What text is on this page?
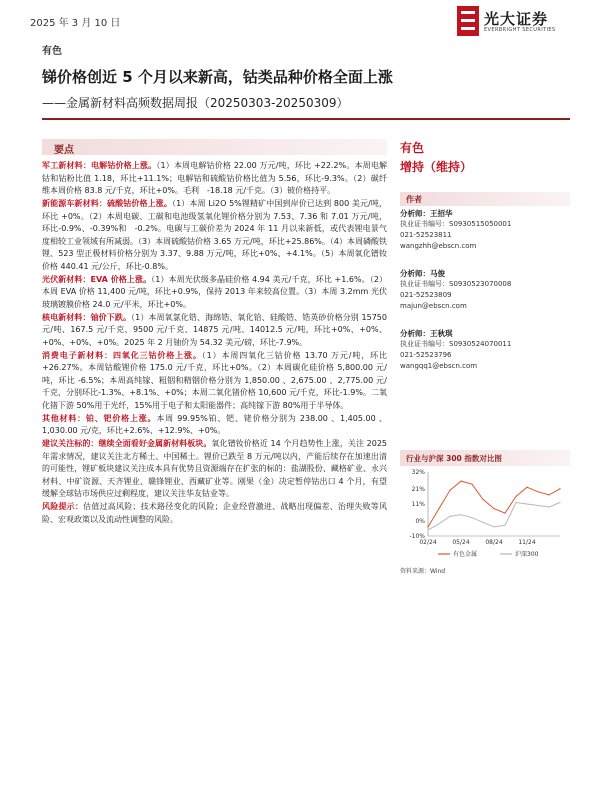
2025 年 3 月 10 日	光大证券
EVERBRIGHT SECURITIES
有色
锑价格创近 5 个月以来新高，钴类品种价格全面上涨
——金属新材料高频数据周报（20250303-20250309）
要点

军工新材料：电解钴价格上涨。（1）本周电解钴价格 22.00 万元/吨，环比 +22.2%。本周电解钴和钴粉比值 1.18，环比+11.1%；电解钴和硫酸钴价格比值为 5.56，环比-9.3%。（2）碳纤维本周价格 83.8 元/千克，环比+0%。毛利　-18.18 元/千克。（3）铍价格持平。

新能源车新材料：硫酸钴价格上涨。（1）本周 Li2O 5%锂精矿中国到岸价已达到 800 美元/吨，环比 +0%。（2）本周电碳、工碳和电池级氢氧化锂价格分别为 7.53、7.36 和 7.01 万元/吨，环比-0.9%、-0.39%和　-0.2%。电碳与工碳价差为 2024 年 11 月以来新低，或代表锂电景气度相较工业领域有所减弱。（3）本周硫酸钴价格 3.65 万元/吨，环比+25.86%。（4）本周磷酸铁锂、523 型正极材料价格分别为 3.37、9.88 万元/吨，环比+0%、+4.1%。（5）本周氧化镨钕价格 440.41 元/公斤，环比-0.8%。

光伏新材料：EVA 价格上涨。（1）本周光伏级多晶硅价格 4.94 美元/千克，环比 +1.6%。（2）本周 EVA 价格 11,400 元/吨，环比+0.9%，保持 2013 年来较高位置。（3）本周 3.2mm 光伏玻璃镀膜价格 24.0 元/平米，环比+0%。

核电新材料：铀价下跌。（1）本周氧氯化锆、海绵锆、氧化铪、硅酸锆、锆英砂价格分别 15750 元/吨、167.5 元/千克、9500 元/千克、14875 元/吨、14012.5 元/吨，环比+0%、+0%、+0%、+0%、+0%。2025 年 2 月铀价为 54.32 美元/磅，环比-7.9%。

消费电子新材料：四氧化三钴价格上涨。（1）本周四氧化三钴价格 13.70 万元/吨，环比+26.27%。本周钴酸锂价格 175.0 元/千克，环比+0%。（2）本周碳化硅价格 5,800.00 元/吨，环比 -6.5%；本周高纯镓、粗铟和精铟价格分别为 1,850.00 、2,675.00 、2,775.00 元/千克，分别环比-1.3%、+8.1%、+0%；本周二氧化锗价格 10,600 元/千克，环比-1.9%。二氧化锗下游 50%用于光纤，15%用于电子和太阳能器件；高纯镓下游 80%用于半导体。

其他材料：铂、钯价格上涨。本周 99.95%铂、钯、铑价格分别为 238.00 、1,405.00 、1,030.00 元/克，环比+2.6%、+12.9%、+0%。

建议关注标的：继续全面看好金属新材料板块。氧化镨钕价格近 14 个月趋势性上涨，关注 2025 年需求情况，建议关注北方稀土、中国稀土。锂价已跌至 8 万元/吨以内，产能后续存在加速出清的可能性，锂矿板块建议关注成本具有优势且资源端存在扩张的标的：盐湖股份、藏格矿业、永兴材料、中矿资源、天齐锂业、赣锋锂业、西藏矿业等。刚果（金）决定暂停钴出口 4 个月，有望缓解全球钴市场供应过剩程度，建议关注华友钴业等。

风险提示：估值过高风险；技术路径变化的风险；企业经营激进、战略出现偏差、治理失败等风险、宏观政策以及流动性调整的风险。

有色
增持（维持）
作者
分析师：王招华
执业证书编号：S0930515050001
021-52523811
wangzhh@ebscn.com
分析师：马俊
执业证书编号：S0930523070008
021-52523809
majun@ebscn.com
分析师：王秋琪
执业证书编号：S0930524070011
021-52523796
wangqq1@ebscn.com
行业与沪深 300 指数对比图
32%
21%
11%
0%
-10%
02/24	05/24	08/24	11/24
有色金属	沪深300
资料来源：Wind
